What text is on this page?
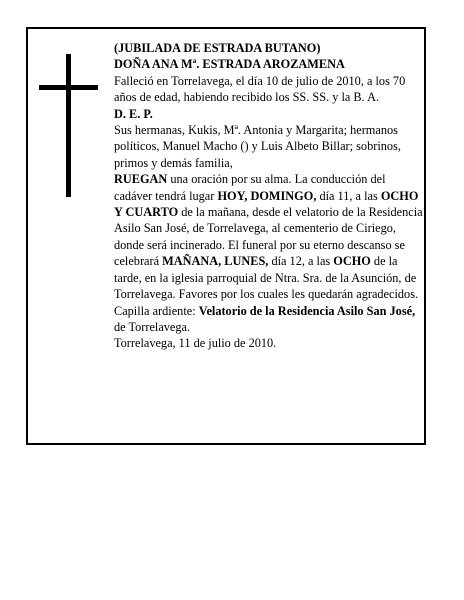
(JUBILADA DE ESTRADA BUTANO)

DOÑA ANA Mª. ESTRADA AROZAMENA

Falleció en Torrelavega, el día 10 de julio de 2010, a los 70 años de edad, habiendo recibido los SS. SS. y la B. A.

D. E. P.

Sus hermanas, Kukis, Mª. Antonia y Margarita; hermanos políticos, Manuel Macho () y Luis Albeto Billar; sobrinos, primos y demás familia,

RUEGAN una oración por su alma. La conducción del cadáver tendrá lugar HOY, DOMINGO, día 11, a las OCHO Y CUARTO de la mañana, desde el velatorio de la Residencia Asilo San José, de Torrelavega, al cementerio de Ciriego, donde será incinerado. El funeral por su eterno descanso se celebrará MAÑANA, LUNES, día 12, a las OCHO de la tarde, en la iglesia parroquial de Ntra. Sra. de la Asunción, de Torrelavega. Favores por los cuales les quedarán agradecidos.

Capilla ardiente: Velatorio de la Residencia Asilo San José, de Torrelavega.

Torrelavega, 11 de julio de 2010.
